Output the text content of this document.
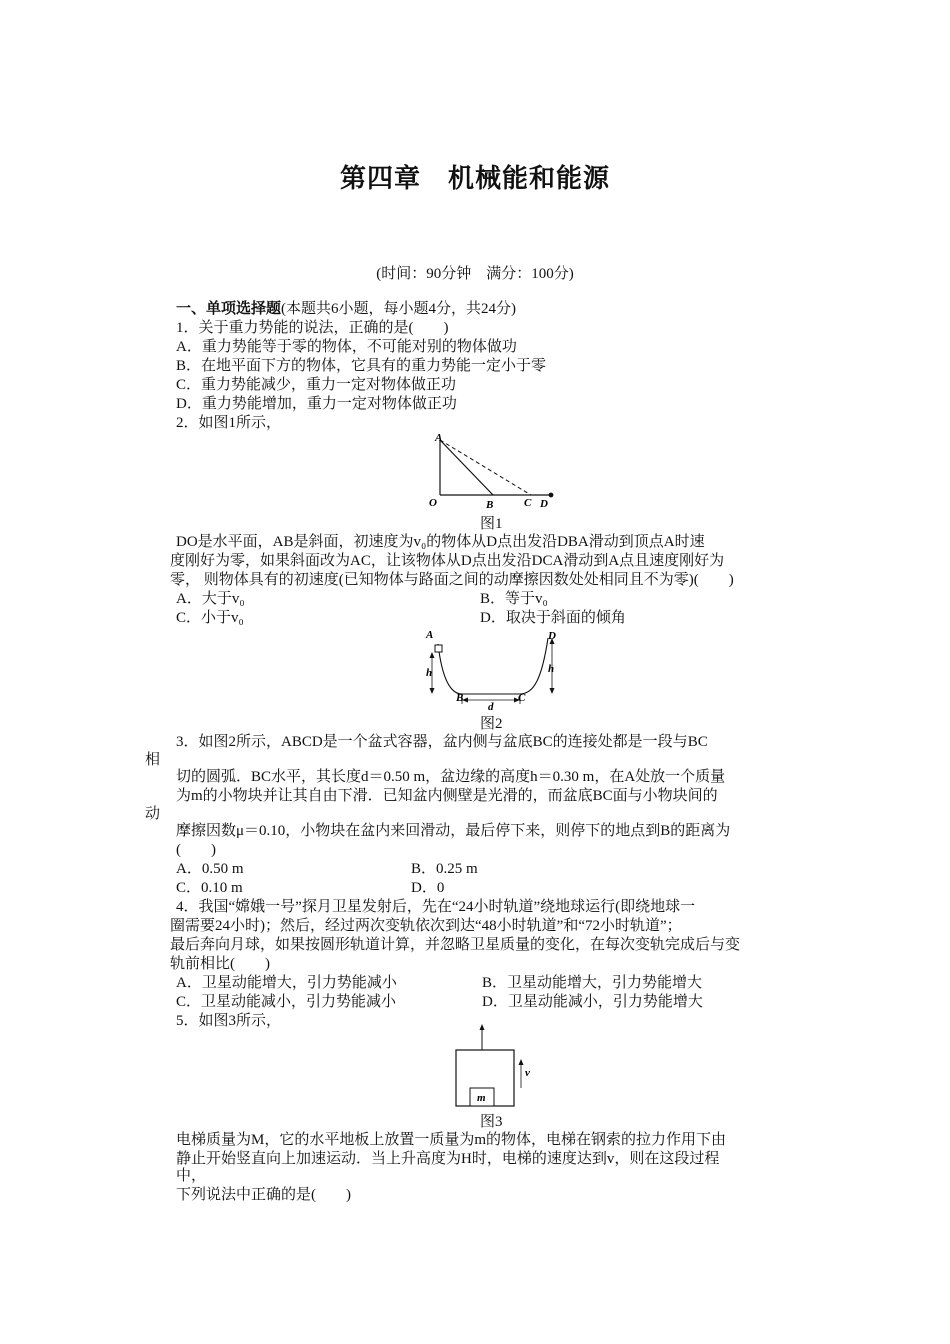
第四章　机械能和能源
(时间：90分钟　满分：100分)
一、单项选择题(本题共6小题，每小题4分，共24分)
1．关于重力势能的说法，正确的是(　　)
A．重力势能等于零的物体，不可能对别的物体做功
B．在地平面下方的物体，它具有的重力势能一定小于零
C．重力势能减少，重力一定对物体做正功
D．重力势能增加，重力一定对物体做正功
2．如图1所示，
A
O	B	C D
图1
DO是水平面，AB是斜面，初速度为v₀的物体从D点出发沿DBA滑动到顶点A时速
度刚好为零，如果斜面改为AC，让该物体从D点出发沿DCA滑动到A点且速度刚好为
零， 则物体具有的初速度(已知物体与路面之间的动摩擦因数处处相同且不为零)(　　)
A．大于v₀	B．等于v₀
C．小于v₀	D．取决于斜面的倾角
A	D
B	C
h	h
d
图2
3．如图2所示，ABCD是一个盆式容器，盆内侧与盆底BC的连接处都是一段与BC
相
切的圆弧．BC水平，其长度d＝0.50 m，盆边缘的高度h＝0.30 m，在A处放一个质量
为m的小物块并让其自由下滑．已知盆内侧壁是光滑的，而盆底BC面与小物块间的
动
摩擦因数μ＝0.10，小物块在盆内来回滑动，最后停下来，则停下的地点到B的距离为
(　　)
A．0.50 m	B．0.25 m
C．0.10 m	D．0
4．我国“嫦娥一号”探月卫星发射后，先在“24小时轨道”绕地球运行(即绕地球一
圈需要24小时)；然后，经过两次变轨依次到达“48小时轨道”和“72小时轨道”；
最后奔向月球，如果按圆形轨道计算，并忽略卫星质量的变化，在每次变轨完成后与变
轨前相比(　　)
A．卫星动能增大，引力势能减小	B．卫星动能增大，引力势能增大
C．卫星动能减小，引力势能减小	D．卫星动能减小，引力势能增大
5．如图3所示，
m
v
图3
电梯质量为M，它的水平地板上放置一质量为m的物体，电梯在钢索的拉力作用下由
静止开始竖直向上加速运动．当上升高度为H时，电梯的速度达到v，则在这段过程
中，
下列说法中正确的是(　　)
